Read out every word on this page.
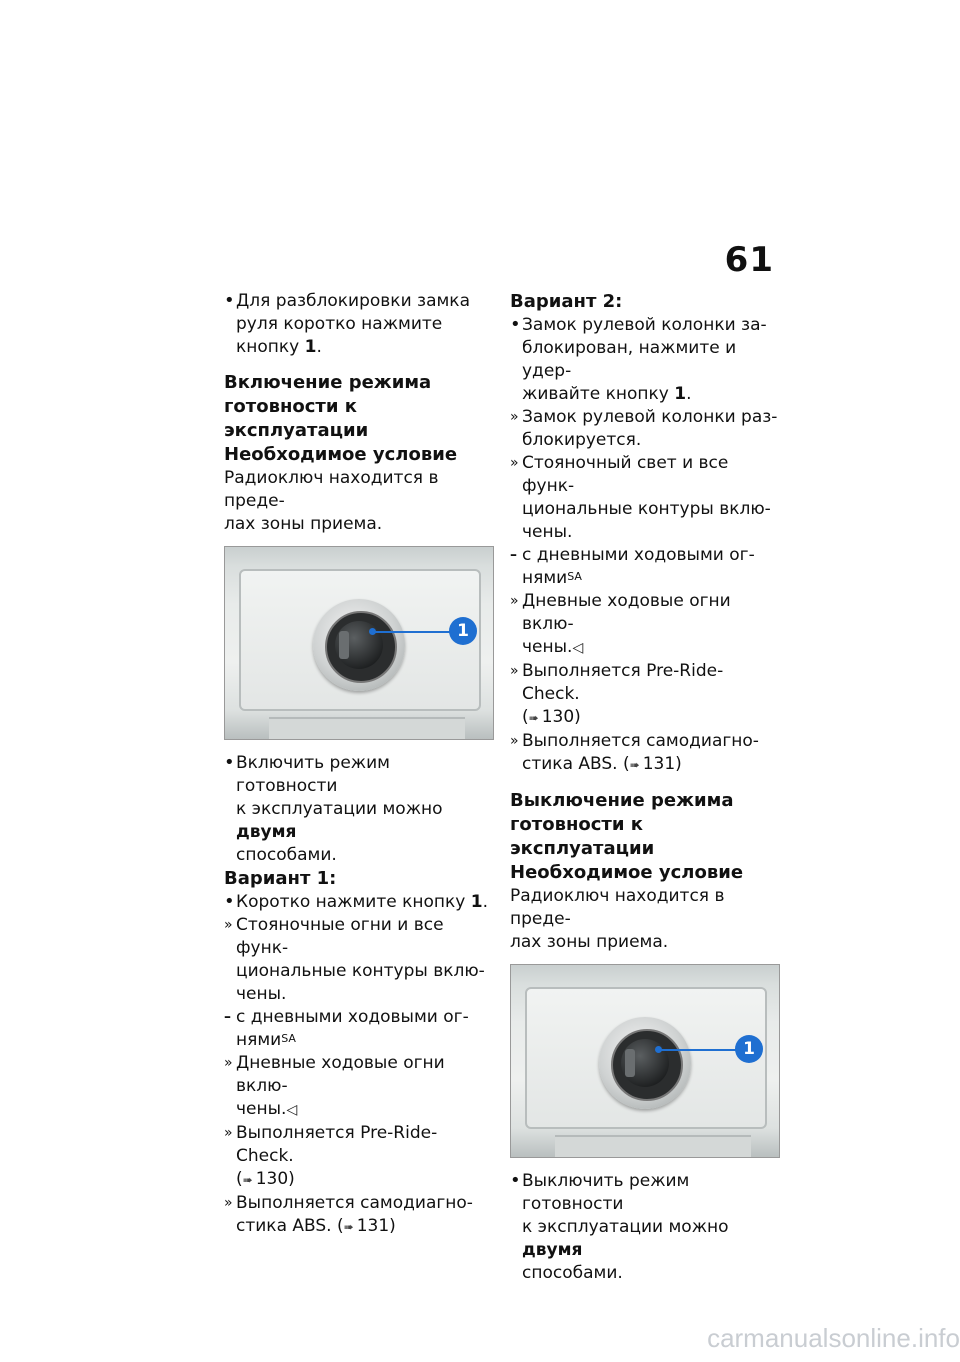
61
• Для разблокировки замка
руля коротко нажмите
кнопку 1.
Включение режима
готовности к эксплуатации
Необходимое условие
Радиоключ находится в преде-
лах зоны приема.
1
• Включить режим готовности
к эксплуатации можно двумя
способами.
Вариант 1:
• Коротко нажмите кнопку 1.
» Стояночные огни и все функ-
циональные контуры вклю-
чены.
– с дневными ходовыми ог-
нями$^{SA}$
» Дневные ходовые огни вклю-
чены.◁
» Выполняется Pre-Ride-Check.
(➠ 130)
» Выполняется самодиагно-
стика ABS. (➠ 131)
Вариант 2:
• Замок рулевой колонки за-
блокирован, нажмите и удер-
живайте кнопку 1.
» Замок рулевой колонки раз-
блокируется.
» Стояночный свет и все функ-
циональные контуры вклю-
чены.
– с дневными ходовыми ог-
нями$^{SA}$
» Дневные ходовые огни вклю-
чены.◁
» Выполняется Pre-Ride-Check.
(➠ 130)
» Выполняется самодиагно-
стика ABS. (➠ 131)
Выключение режима
готовности к эксплуатации
Необходимое условие
Радиоключ находится в преде-
лах зоны приема.
1
• Выключить режим готовности
к эксплуатации можно двумя
способами.
carmanualsonline.info
